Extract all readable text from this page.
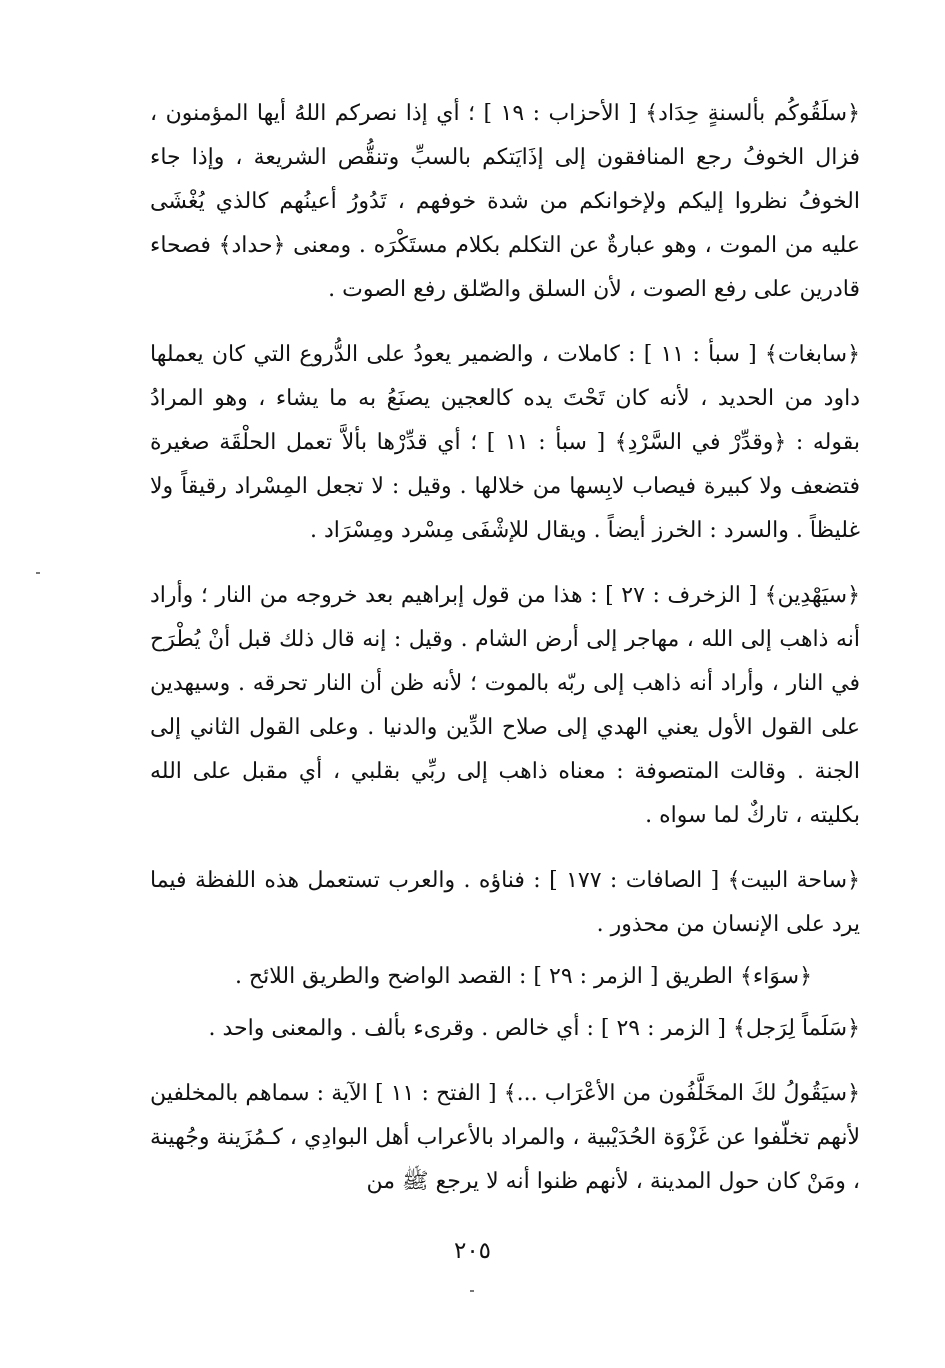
﴿سلَقُوكُم بألسنةٍ حِدَاد﴾ [ الأحزاب : ١٩ ] ؛ أي إذا نصركم اللهُ أيها المؤمنون ، فزال الخوفُ رجع المنافقون إلى إذَايَتكم بالسبِّ وتنقُّص الشريعة ، وإذا جاء الخوفُ نظروا إليكم ولإخوانكم من شدة خوفهم ، تَدُورُ أعينُهم كالذي يُغْشَى عليه من الموت ، وهو عبارةٌ عن التكلم بكلام مستَكْرَه . ومعنى ﴿حداد﴾ فصحاء قادرين على رفع الصوت ، لأن السلق والصّلق رفع الصوت .

﴿سابغات﴾ [ سبأ : ١١ ] : كاملات ، والضمير يعودُ على الدُّروع التي كان يعملها داود من الحديد ، لأنه كان تَحْتَ يده كالعجين يصنَعُ به ما يشاء ، وهو المرادُ بقوله : ﴿وقدِّرْ في السَّرْدِ﴾ [ سبأ : ١١ ] ؛ أي قدِّرْها بألاَّ تعمل الحلْقَة صغيرة فتضعف ولا كبيرة فيصاب لابِسها من خلالها . وقيل : لا تجعل المِسْراد رقيقاً ولا غليظاً . والسرد : الخرز أيضاً . ويقال للإشْفَى مِسْرد ومِسْرَاد .

﴿سيَهْدِين﴾ [ الزخرف : ٢٧ ] : هذا من قول إبراهيم بعد خروجه من النار ؛ وأراد أنه ذاهب إلى الله ، مهاجر إلى أرض الشام . وقيل : إنه قال ذلك قبل أنْ يُطْرَح في النار ، وأراد أنه ذاهب إلى ربّه بالموت ؛ لأنه ظن أن النار تحرقه . وسيهدين على القول الأول يعني الهدي إلى صلاح الدِّين والدنيا . وعلى القول الثاني إلى الجنة . وقالت المتصوفة : معناه ذاهب إلى ربِّي بقلبي ، أي مقبل على الله بكليته ، تاركٌ لما سواه .

﴿ساحة البيت﴾ [ الصافات : ١٧٧ ] : فناؤه . والعرب تستعمل هذه اللفظة فيما يرد على الإنسان من محذور .

﴿سوَاء﴾ الطريق [ الزمر : ٢٩ ] : القصد الواضح والطريق اللائح .

﴿سَلَماً لِرَجل﴾ [ الزمر : ٢٩ ] : أي خالص . وقرىء بألف . والمعنى واحد .

﴿سيَقُولُ لكَ المخَلَّفُون من الأعْرَاب ...﴾ [ الفتح : ١١ ] الآية : سماهم بالمخلفين لأنهم تخلّفوا عن غَزْوَة الحُدَيْبية ، والمراد بالأعراب أهل البوادِي ، كـمُزَينة وجُهينة ، ومَنْ كان حول المدينة ، لأنهم ظنوا أنه لا يرجع ﷺ من

٢٠٥
